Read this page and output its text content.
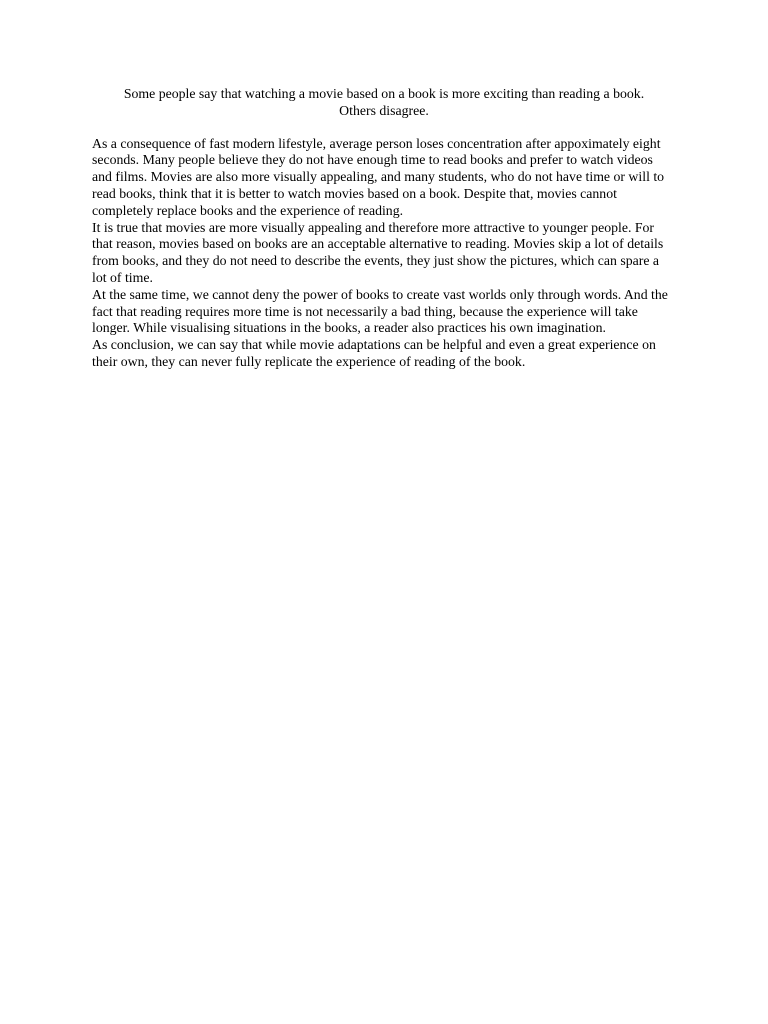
Some people say that watching a movie based on a book is more exciting than reading a book.
Others disagree.

As a consequence of fast modern lifestyle, average person loses concentration after appoximately eight seconds. Many people believe they do not have enough time to read books and prefer to watch videos and films. Movies are also more visually appealing, and many students, who do not have time or will to read books, think that it is better to watch movies based on a book. Despite that, movies cannot completely replace books and the experience of reading.

It is true that movies are more visually appealing and therefore more attractive to younger people. For that reason, movies based on books are an acceptable alternative to reading. Movies skip a lot of details from books, and they do not need to describe the events, they just show the pictures, which can spare a lot of time.

At the same time, we cannot deny the power of books to create vast worlds only through words. And the fact that reading requires more time is not necessarily a bad thing, because the experience will take longer. While visualising situations in the books, a reader also practices his own imagination.

As conclusion, we can say that while movie adaptations can be helpful and even a great experience on their own, they can never fully replicate the experience of reading of the book.
